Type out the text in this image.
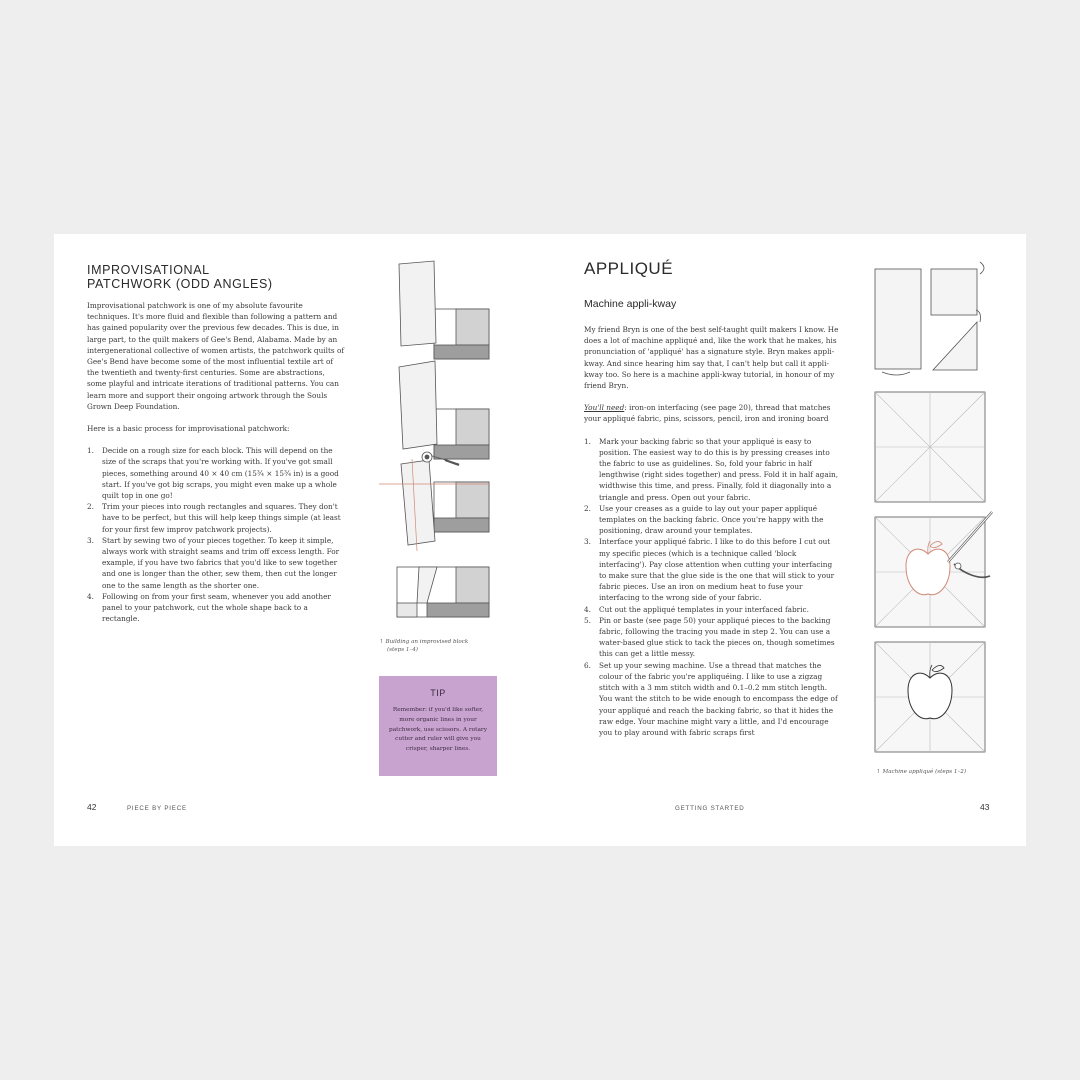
IMPROVISATIONAL
PATCHWORK (ODD ANGLES)

Improvisational patchwork is one of my absolute favourite techniques. It's more fluid and flexible than following a pattern and has gained popularity over the previous few decades. This is due, in large part, to the quilt makers of Gee's Bend, Alabama. Made by an intergenerational collective of women artists, the patchwork quilts of Gee's Bend have become some of the most influential textile art of the twentieth and twenty-first centuries. Some are abstractions, some playful and intricate iterations of traditional patterns. You can learn more and support their ongoing artwork through the Souls Grown Deep Foundation.

Here is a basic process for improvisational patchwork:

1. Decide on a rough size for each block. This will depend on the size of the scraps that you're working with. If you've got small pieces, something around 40 × 40 cm (15¾ × 15¾ in) is a good start. If you've got big scraps, you might even make up a whole quilt top in one go!
2. Trim your pieces into rough rectangles and squares. They don't have to be perfect, but this will help keep things simple (at least for your first few improv patchwork projects).
3. Start by sewing two of your pieces together. To keep it simple, always work with straight seams and trim off excess length. For example, if you have two fabrics that you'd like to sew together and one is longer than the other, sew them, then cut the longer one to the same length as the shorter one.
4. Following on from your first seam, whenever you add another panel to your patchwork, cut the whole shape back to a rectangle.
↑ Building an improvised block
(steps 1–4)
TIP
Remember: if you'd like softer, more organic lines in your patchwork, use scissors. A rotary cutter and ruler will give you crisper, sharper lines.
42	PIECE BY PIECE
APPLIQUÉ
Machine appli-kway

My friend Bryn is one of the best self-taught quilt makers I know. He does a lot of machine appliqué and, like the work that he makes, his pronunciation of 'appliqué' has a signature style. Bryn makes appli-kway. And since hearing him say that, I can't help but call it appli-kway too. So here is a machine appli-kway tutorial, in honour of my friend Bryn.

You'll need: iron-on interfacing (see page 20), thread that matches your appliqué fabric, pins, scissors, pencil, iron and ironing board

1. Mark your backing fabric so that your appliqué is easy to position. The easiest way to do this is by pressing creases into the fabric to use as guidelines. So, fold your fabric in half lengthwise (right sides together) and press. Fold it in half again, widthwise this time, and press. Finally, fold it diagonally into a triangle and press. Open out your fabric.
2. Use your creases as a guide to lay out your paper appliqué templates on the backing fabric. Once you're happy with the positioning, draw around your templates.
3. Interface your appliqué fabric. I like to do this before I cut out my specific pieces (which is a technique called 'block interfacing'). Pay close attention when cutting your interfacing to make sure that the glue side is the one that will stick to your fabric pieces. Use an iron on medium heat to fuse your interfacing to the wrong side of your fabric.
4. Cut out the appliqué templates in your interfaced fabric.
5. Pin or baste (see page 50) your appliqué pieces to the backing fabric, following the tracing you made in step 2. You can use a water-based glue stick to tack the pieces on, though sometimes this can get a little messy.
6. Set up your sewing machine. Use a thread that matches the colour of the fabric you're appliquéing. I like to use a zigzag stitch with a 3 mm stitch width and 0.1–0.2 mm stitch length. You want the stitch to be wide enough to encompass the edge of your appliqué and reach the backing fabric, so that it hides the raw edge. Your machine might vary a little, and I'd encourage you to play around with fabric scraps first
↑ Machine appliqué (steps 1–2)
GETTING STARTED	43
